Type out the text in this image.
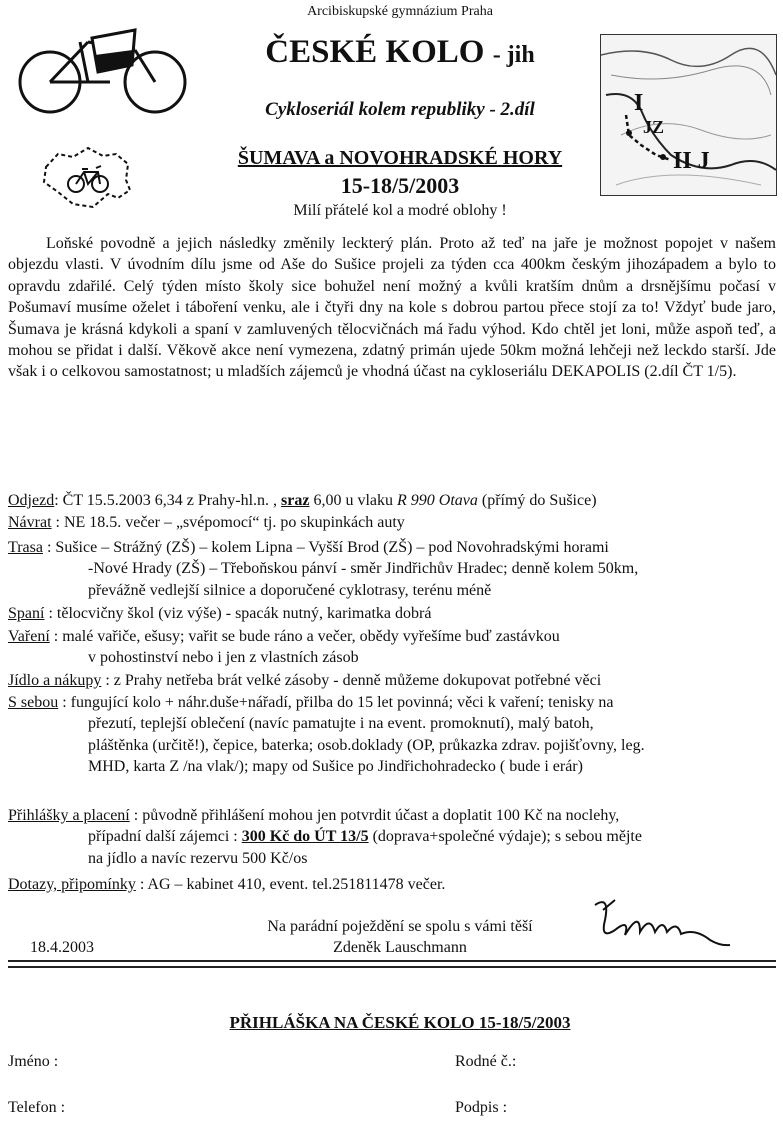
Arcibiskupské gymnázium Praha
ČESKÉ KOLO - jih
Cykloseriál kolem republiky - 2.díl
ŠUMAVA a NOVOHRADSKÉ HORY
15-18/5/2003
I
JZ
II J
Milí přátelé kol a modré oblohy !
Loňské povodně a jejich následky změnily leckterý plán. Proto až teď na jaře je možnost popojet v našem objezdu vlasti. V úvodním dílu jsme od Aše do Sušice projeli za týden cca 400km českým jihozápadem a bylo to opravdu zdařilé. Celý týden místo školy sice bohužel není možný a kvůli kratším dnům a drsnějšímu počasí v Pošumaví musíme oželet i táboření venku, ale i čtyři dny na kole s dobrou partou přece stojí za to! Vždyť bude jaro, Šumava je krásná kdykoli a spaní v zamluvených tělocvičnách má řadu výhod. Kdo chtěl jet loni, může aspoň teď, a mohou se přidat i další. Věkově akce není vymezena, zdatný primán ujede 50km možná lehčeji než leckdo starší. Jde však i o celkovou samostatnost; u mladších zájemců je vhodná účast na cykloseriálu DEKAPOLIS (2.díl ČT 1/5).
Odjezd: ČT 15.5.2003 6,34 z Prahy-hl.n. , sraz 6,00 u vlaku R 990 Otava (přímý do Sušice)
Návrat : NE 18.5. večer – „svépomocí“ tj. po skupinkách auty
Trasa : Sušice – Strážný (ZŠ) – kolem Lipna – Vyšší Brod (ZŠ) – pod Novohradskými horami
-Nové Hrady (ZŠ) – Třeboňskou pánví - směr Jindřichův Hradec; denně kolem 50km,
převážně vedlejší silnice a doporučené cyklotrasy, terénu méně
Spaní : tělocvičny škol (viz výše) - spacák nutný, karimatka dobrá
Vaření : malé vařiče, ešusy; vařit se bude ráno a večer, obědy vyřešíme buď zastávkou
v pohostinství nebo i jen z vlastních zásob
Jídlo a nákupy : z Prahy netřeba brát velké zásoby - denně můžeme dokupovat potřebné věci
S sebou : fungující kolo + náhr.duše+nářadí, přilba do 15 let povinná; věci k vaření; tenisky na
přezutí, teplejší oblečení (navíc pamatujte i na event. promoknutí), malý batoh,
pláštěnka (určitě!), čepice, baterka; osob.doklady (OP, průkazka zdrav. pojišťovny, leg.
MHD, karta Z /na vlak/); mapy od Sušice po Jindřichohradecko ( bude i erár)
Přihlášky a placení : původně přihlášení mohou jen potvrdit účast a doplatit 100 Kč na noclehy,
případní další zájemci : 300 Kč do ÚT 13/5 (doprava+společné výdaje); s sebou mějte
na jídlo a navíc rezervu 500 Kč/os
Dotazy, připomínky : AG – kabinet 410, event. tel.251811478 večer.
Na parádní poježdění se spolu s vámi těší
Zdeněk Lauschmann
18.4.2003
PŘIHLÁŠKA NA ČESKÉ KOLO 15-18/5/2003
Jméno :	Rodné č.:
Telefon :	Podpis :
